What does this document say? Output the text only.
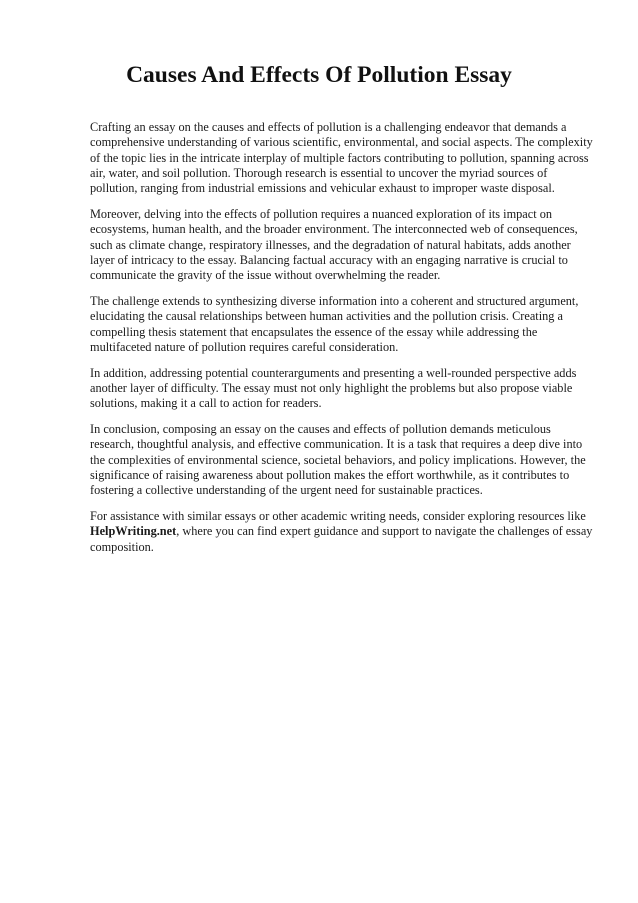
Causes And Effects Of Pollution Essay

Crafting an essay on the causes and effects of pollution is a challenging endeavor that demands a comprehensive understanding of various scientific, environmental, and social aspects. The complexity of the topic lies in the intricate interplay of multiple factors contributing to pollution, spanning across air, water, and soil pollution. Thorough research is essential to uncover the myriad sources of pollution, ranging from industrial emissions and vehicular exhaust to improper waste disposal.

Moreover, delving into the effects of pollution requires a nuanced exploration of its impact on ecosystems, human health, and the broader environment. The interconnected web of consequences, such as climate change, respiratory illnesses, and the degradation of natural habitats, adds another layer of intricacy to the essay. Balancing factual accuracy with an engaging narrative is crucial to communicate the gravity of the issue without overwhelming the reader.

The challenge extends to synthesizing diverse information into a coherent and structured argument, elucidating the causal relationships between human activities and the pollution crisis. Creating a compelling thesis statement that encapsulates the essence of the essay while addressing the multifaceted nature of pollution requires careful consideration.

In addition, addressing potential counterarguments and presenting a well-rounded perspective adds another layer of difficulty. The essay must not only highlight the problems but also propose viable solutions, making it a call to action for readers.

In conclusion, composing an essay on the causes and effects of pollution demands meticulous research, thoughtful analysis, and effective communication. It is a task that requires a deep dive into the complexities of environmental science, societal behaviors, and policy implications. However, the significance of raising awareness about pollution makes the effort worthwhile, as it contributes to fostering a collective understanding of the urgent need for sustainable practices.

For assistance with similar essays or other academic writing needs, consider exploring resources like HelpWriting.net, where you can find expert guidance and support to navigate the challenges of essay composition.
